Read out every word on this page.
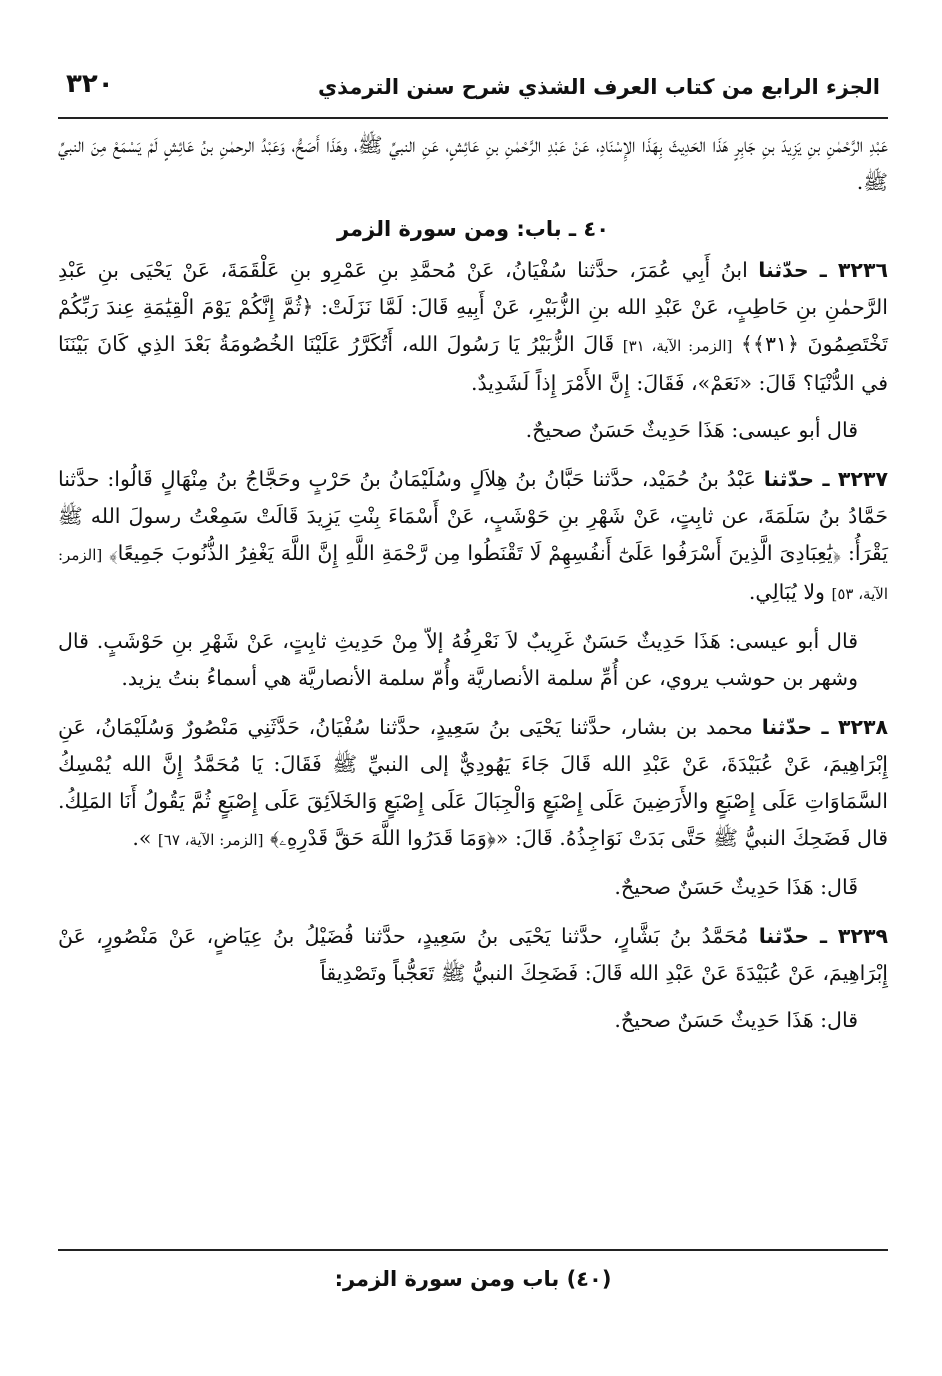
الجزء الرابع من كتاب العرف الشذي شرح سنن الترمذي
٣٢٠

عَبْدِ الرَّحْمٰنِ بنِ يَزِيدَ بنِ جَابِرٍ هَذَا الحَدِيثَ بِهَذَا الإِسْنَادِ، عَنْ عَبْدِ الرَّحْمٰنِ بنِ عَائِشٍ، عَنِ النبيِّ ﷺ، وهَذَا أَصَحُّ، وَعَبْدُ الرحمٰنِ بنُ عَائِشٍ لَمْ يَسْمَعْ مِنَ النبيِّ ﷺ.

٤٠ ـ باب: ومن سورة الزمر

٣٢٣٦ ـ حدّثنا ابنُ أَبِي عُمَرَ، حدَّثنا سُفْيَانُ، عَنْ مُحمَّدِ بنِ عَمْرِو بنِ عَلْقَمَةَ، عَنْ يَحْيَى بنِ عَبْدِ الرَّحمٰنِ بنِ حَاطِبٍ، عَنْ عَبْدِ الله بنِ الزُّبَيْرِ، عَنْ أَبِيهِ قَالَ: لَمَّا نَزَلَتْ: ﴿ثُمَّ إِنَّكُمْ يَوْمَ الْقِيَٰمَةِ عِندَ رَبِّكُمْ تَخْتَصِمُونَ ﴿٣١﴾﴾ [الزمر: الآية، ٣١] قَالَ الزُّبَيْرُ يَا رَسُولَ الله، أَتُكَرَّرُ عَلَيْنَا الخُصُومَةُ بَعْدَ الذِي كَانَ بَيْنَنَا في الدُّنْيَا؟ قَالَ: «نَعَمْ»، فَقَالَ: إِنَّ الأَمْرَ إِذاً لَشَدِيدٌ.

قال أبو عيسى: هَذَا حَدِيثٌ حَسَنٌ صحيحٌ.

٣٢٣٧ ـ حدّثنا عَبْدُ بنُ حُمَيْد، حدَّثنا حَبَّانُ بنُ هِلاَلٍ وسُلَيْمَانُ بنُ حَرْبٍ وحَجَّاجُ بنُ مِنْهَالٍ قَالُوا: حدَّثنا حَمَّادُ بنُ سَلَمَةَ، عن ثابِتٍ، عَنْ شَهْرِ بنِ حَوْشَبٍ، عَنْ أَسْمَاءَ بِنْتِ يَزِيدَ قَالَتْ سَمِعْتُ رسولَ الله ﷺ يَقْرَأُ: ﴿يَٰعِبَادِىَ الَّذِينَ أَسْرَفُوا عَلَىٰٓ أَنفُسِهِمْ لَا تَقْنَطُوا مِن رَّحْمَةِ اللَّهِ إِنَّ اللَّهَ يَغْفِرُ الذُّنُوبَ جَمِيعًا﴾ [الزمر: الآية، ٥٣] ولا يُبَالِي.

قال أبو عيسى: هَذَا حَدِيثٌ حَسَنٌ غَرِيبٌ لاَ نَعْرِفُهُ إلاّ مِنْ حَدِيثِ ثابِتٍ، عَنْ شَهْرِ بنِ حَوْشَبٍ. قال وشهر بن حوشب يروي، عن أُمِّ سلمة الأنصاريَّة وأُمّ سلمة الأنصاريَّة هي أسماءُ بنتُ يزيد.

٣٢٣٨ ـ حدّثنا محمد بن بشار، حدَّثنا يَحْيَى بنُ سَعِيدٍ، حدَّثنا سُفْيَانُ، حَدَّثَنِي مَنْصُورٌ وَسُلَيْمَانُ، عَنِ إِبْرَاهِيمَ، عَنْ عُبَيْدَةَ، عَنْ عَبْدِ الله قَالَ جَاءَ يَهُودِيٌّ إلى النبيِّ ﷺ فَقَالَ: يَا مُحَمَّدُ إِنَّ الله يُمْسِكُ السَّمَاوَاتِ عَلَى إِصْبَعٍ والأَرَضِينَ عَلَى إِصْبَعٍ وَالْجِبَالَ عَلَى إِصْبَعٍ وَالخَلاَئِقَ عَلَى إِصْبَعٍ ثُمَّ يَقُولُ أَنَا المَلِكُ. قال فَضَحِكَ النبيُّ ﷺ حَتَّى بَدَتْ نَوَاجِذُهُ. قَالَ: «﴿وَمَا قَدَرُوا اللَّهَ حَقَّ قَدْرِهِۦ﴾ [الزمر: الآية، ٦٧] ».

قَال: هَذَا حَدِيثٌ حَسَنٌ صحيحٌ.

٣٢٣٩ ـ حدّثنا مُحَمَّدُ بنُ بَشَّارٍ، حدَّثنا يَحْيَى بنُ سَعِيدٍ، حدَّثنا فُضَيْلُ بنُ عِيَاضٍ، عَنْ مَنْصُورٍ، عَنْ إِبْرَاهِيمَ، عَنْ عُبَيْدَةَ عَنْ عَبْدِ الله قَالَ: فَضَحِكَ النبيُّ ﷺ تَعَجُّباً وتَصْدِيقاً

قال: هَذَا حَدِيثٌ حَسَنٌ صحيحٌ.

(٤٠) باب ومن سورة الزمر:
